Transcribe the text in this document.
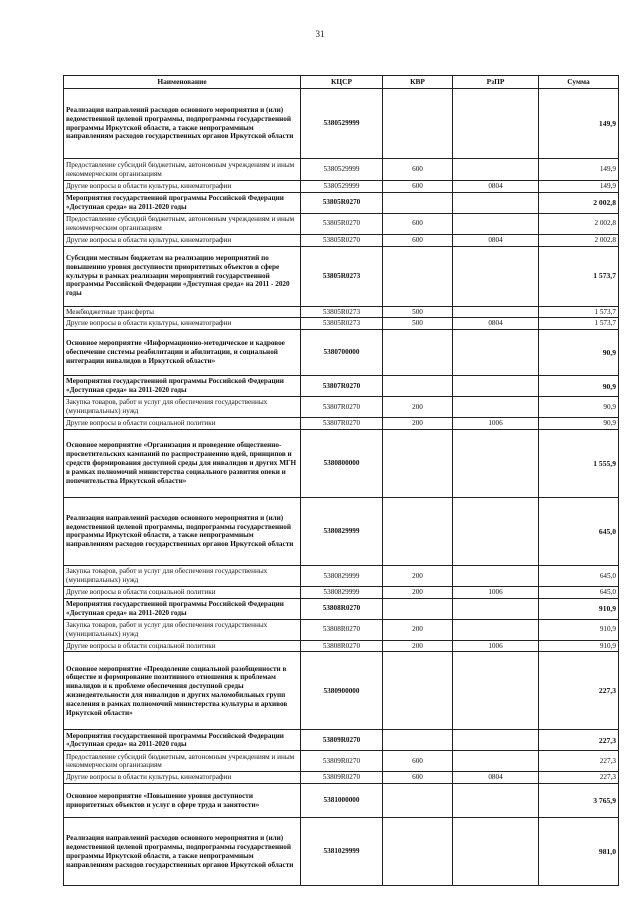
31
Наименование	КЦСР	КВР	РзПР	Сумма
Реализация направлений расходов основного мероприятия и (или) ведомственной целевой программы, подпрограммы государственной программы Иркутской области, а также непрограммным направлениям расходов государственных органов Иркутской области	5380529999			149,9
Предоставление субсидий бюджетным, автономным учреждениям и иным некоммерческим организациям	5380529999	600		149,9
Другие вопросы в области культуры, кинематографии	5380529999	600	0804	149,9
Мероприятия государственной программы Российской Федерации «Доступная среда» на 2011-2020 годы	53805R0270			2 002,8
Предоставление субсидий бюджетным, автономным учреждениям и иным некоммерческим организациям	53805R0270	600		2 002,8
Другие вопросы в области культуры, кинематографии	53805R0270	600	0804	2 002,8
Субсидии местным бюджетам на реализацию мероприятий по повышению уровня доступности приоритетных объектов в сфере культуры в рамках реализации мероприятий государственной программы Российской Федерации «Доступная среда» на 2011 - 2020 годы	53805R0273			1 573,7
Межбюджетные трансферты	53805R0273	500		1 573,7
Другие вопросы в области культуры, кинематографии	53805R0273	500	0804	1 573,7
Основное мероприятие «Информационно-методическое и кадровое обеспечение системы реабилитации и абилитации, и социальной интеграции инвалидов в Иркутской области»	5380700000			90,9
Мероприятия государственной программы Российской Федерации «Доступная среда» на 2011-2020 годы	53807R0270			90,9
Закупка товаров, работ и услуг для обеспечения государственных (муниципальных) нужд	53807R0270	200		90,9
Другие вопросы в области социальной политики	53807R0270	200	1006	90,9
Основное мероприятие «Организация и проведение общественно-просветительских кампаний по распространению идей, принципов и средств формирования доступной среды для инвалидов и других МГН в рамках полномочий министерства социального развития опеки и попечительства Иркутской области»	5380800000			1 555,9
Реализация направлений расходов основного мероприятия и (или) ведомственной целевой программы, подпрограммы государственной программы Иркутской области, а также непрограммным направлениям расходов государственных органов Иркутской области	5380829999			645,0
Закупка товаров, работ и услуг для обеспечения государственных (муниципальных) нужд	5380829999	200		645,0
Другие вопросы в области социальной политики	5380829999	200	1006	645,0
Мероприятия государственной программы Российской Федерации «Доступная среда» на 2011-2020 годы	53808R0270			910,9
Закупка товаров, работ и услуг для обеспечения государственных (муниципальных) нужд	53808R0270	200		910,9
Другие вопросы в области социальной политики	53808R0270	200	1006	910,9
Основное мероприятие «Преодоление социальной разобщенности в обществе и формирование позитивного отношения к проблемам инвалидов и к проблеме обеспечения доступной среды жизнедеятельности для инвалидов и других маломобильных групп населения в рамках полномочий министерства культуры и архивов Иркутской области»	5380900000			227,3
Мероприятия государственной программы Российской Федерации «Доступная среда» на 2011-2020 годы	53809R0270			227,3
Предоставление субсидий бюджетным, автономным учреждениям и иным некоммерческим организациям	53809R0270	600		227,3
Другие вопросы в области культуры, кинематографии	53809R0270	600	0804	227,3
Основное мероприятие «Повышение уровня доступности приоритетных объектов и услуг в сфере труда и занятости»	5381000000			3 765,9
Реализация направлений расходов основного мероприятия и (или) ведомственной целевой программы, подпрограммы государственной программы Иркутской области, а также непрограммным направлениям расходов государственных органов Иркутской области	5381029999			981,0
